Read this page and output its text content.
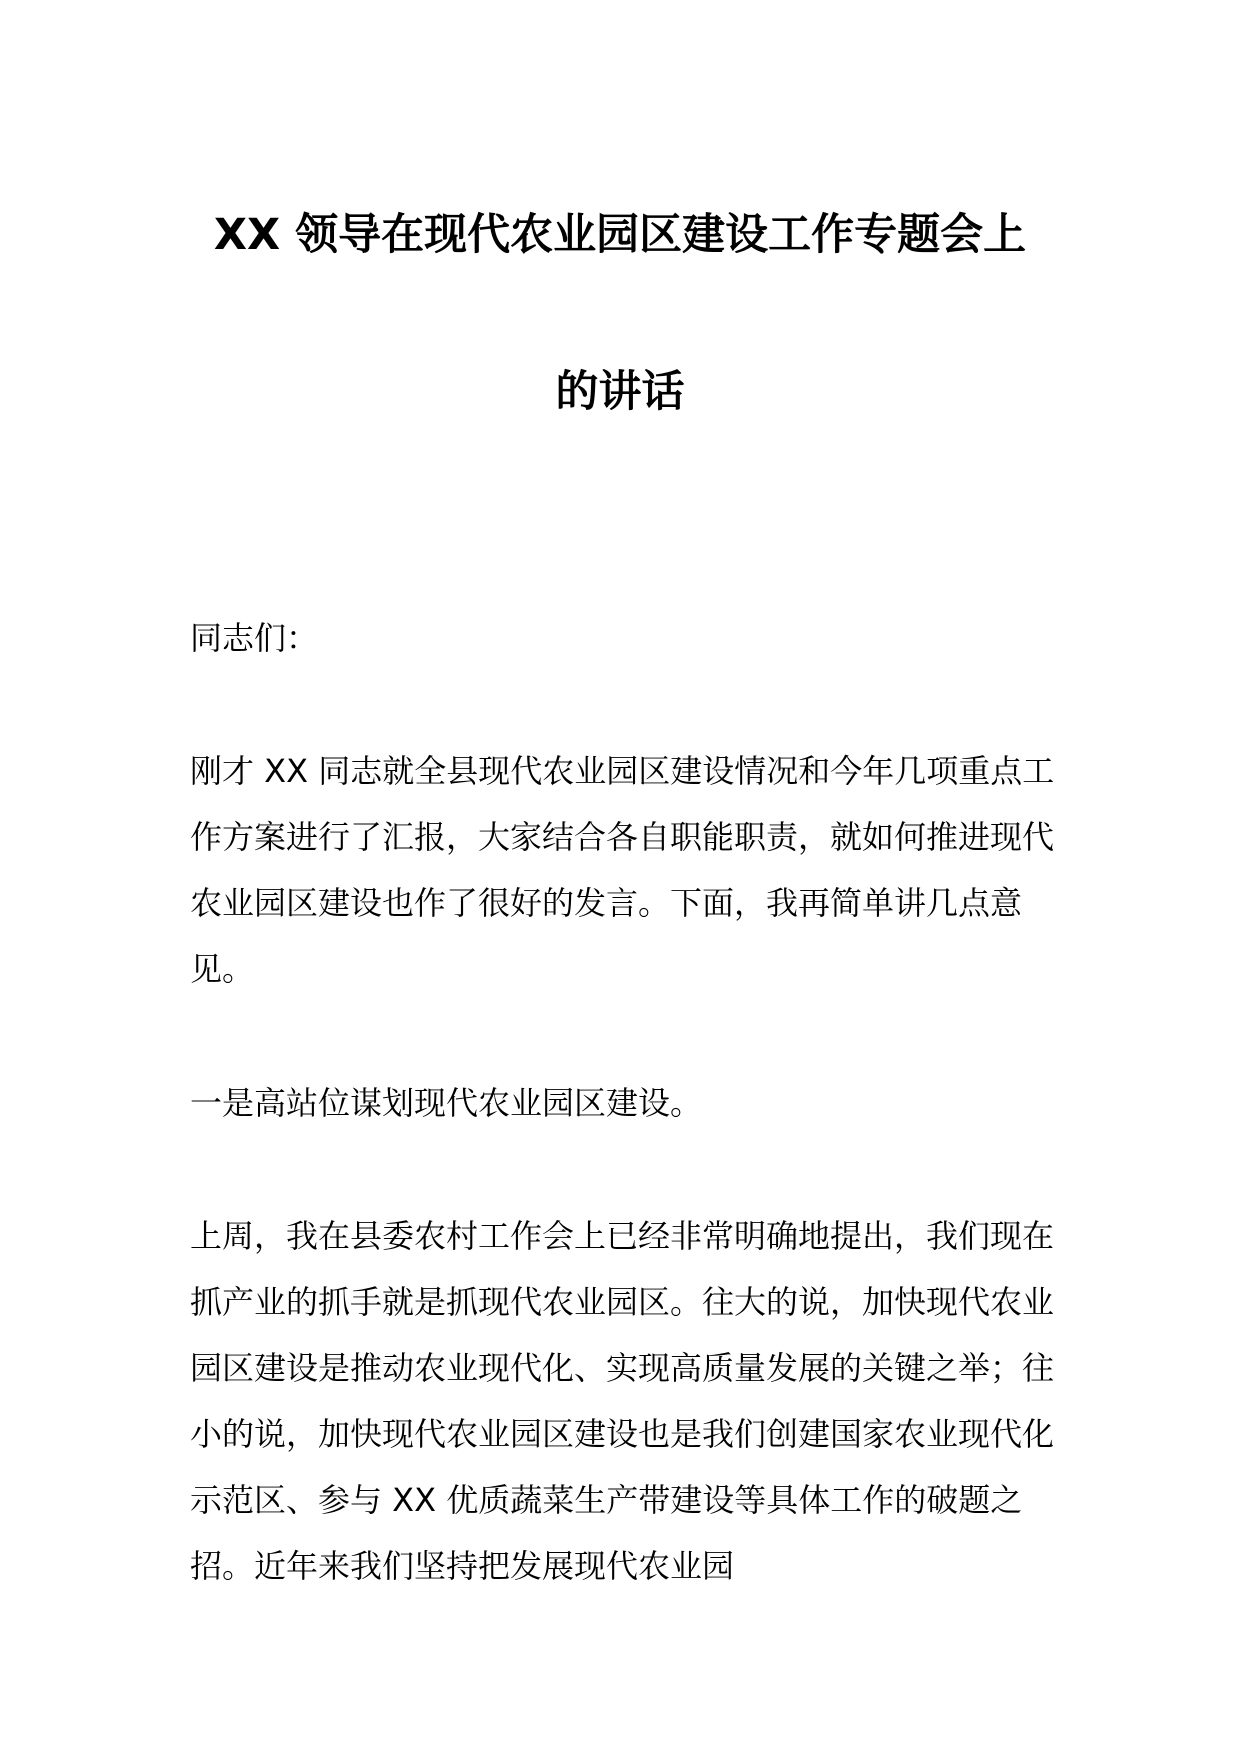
XX 领导在现代农业园区建设工作专题会上
的讲话
同志们：
刚才 XX 同志就全县现代农业园区建设情况和今年几项重点工作方案进行了汇报，大家结合各自职能职责，就如何推进现代农业园区建设也作了很好的发言。下面，我再简单讲几点意见。
一是高站位谋划现代农业园区建设。
上周，我在县委农村工作会上已经非常明确地提出，我们现在抓产业的抓手就是抓现代农业园区。往大的说，加快现代农业园区建设是推动农业现代化、实现高质量发展的关键之举；往小的说，加快现代农业园区建设也是我们创建国家农业现代化示范区、参与 XX 优质蔬菜生产带建设等具体工作的破题之招。近年来我们坚持把发展现代农业园
